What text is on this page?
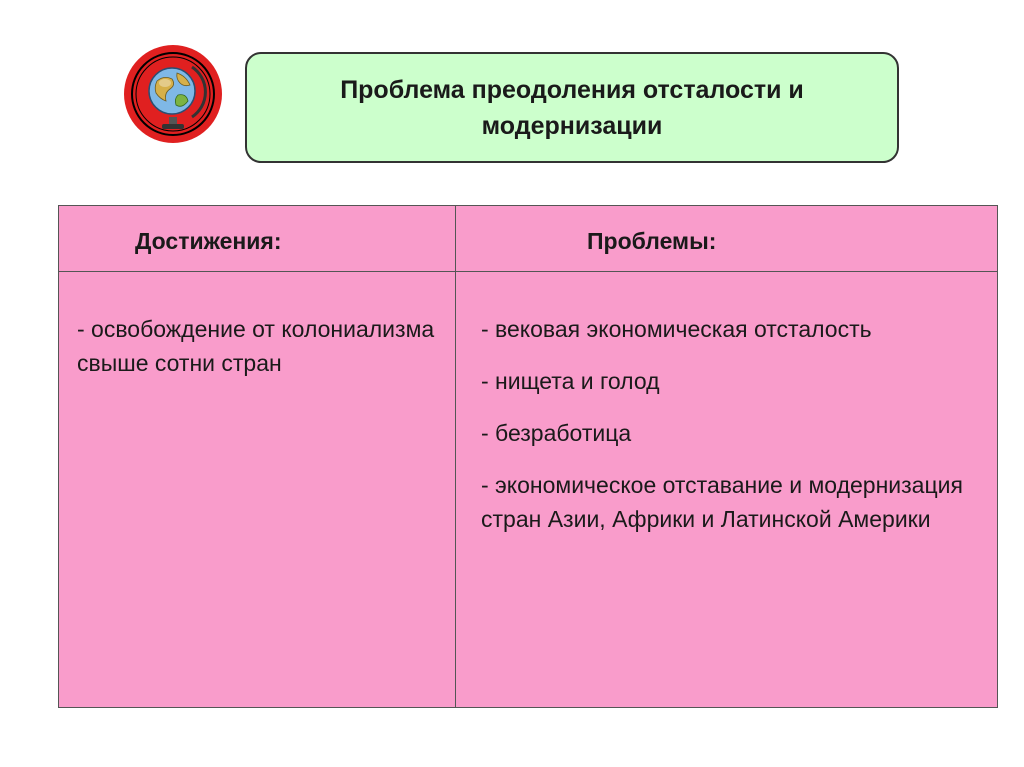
Проблема преодоления отсталости и модернизации
Достижения:	Проблемы:
- освобождение от колониализма свыше сотни стран

- вековая экономическая отсталость

- нищета и голод

- безработица

- экономическое отставание и модернизация стран Азии, Африки и Латинской Америки
